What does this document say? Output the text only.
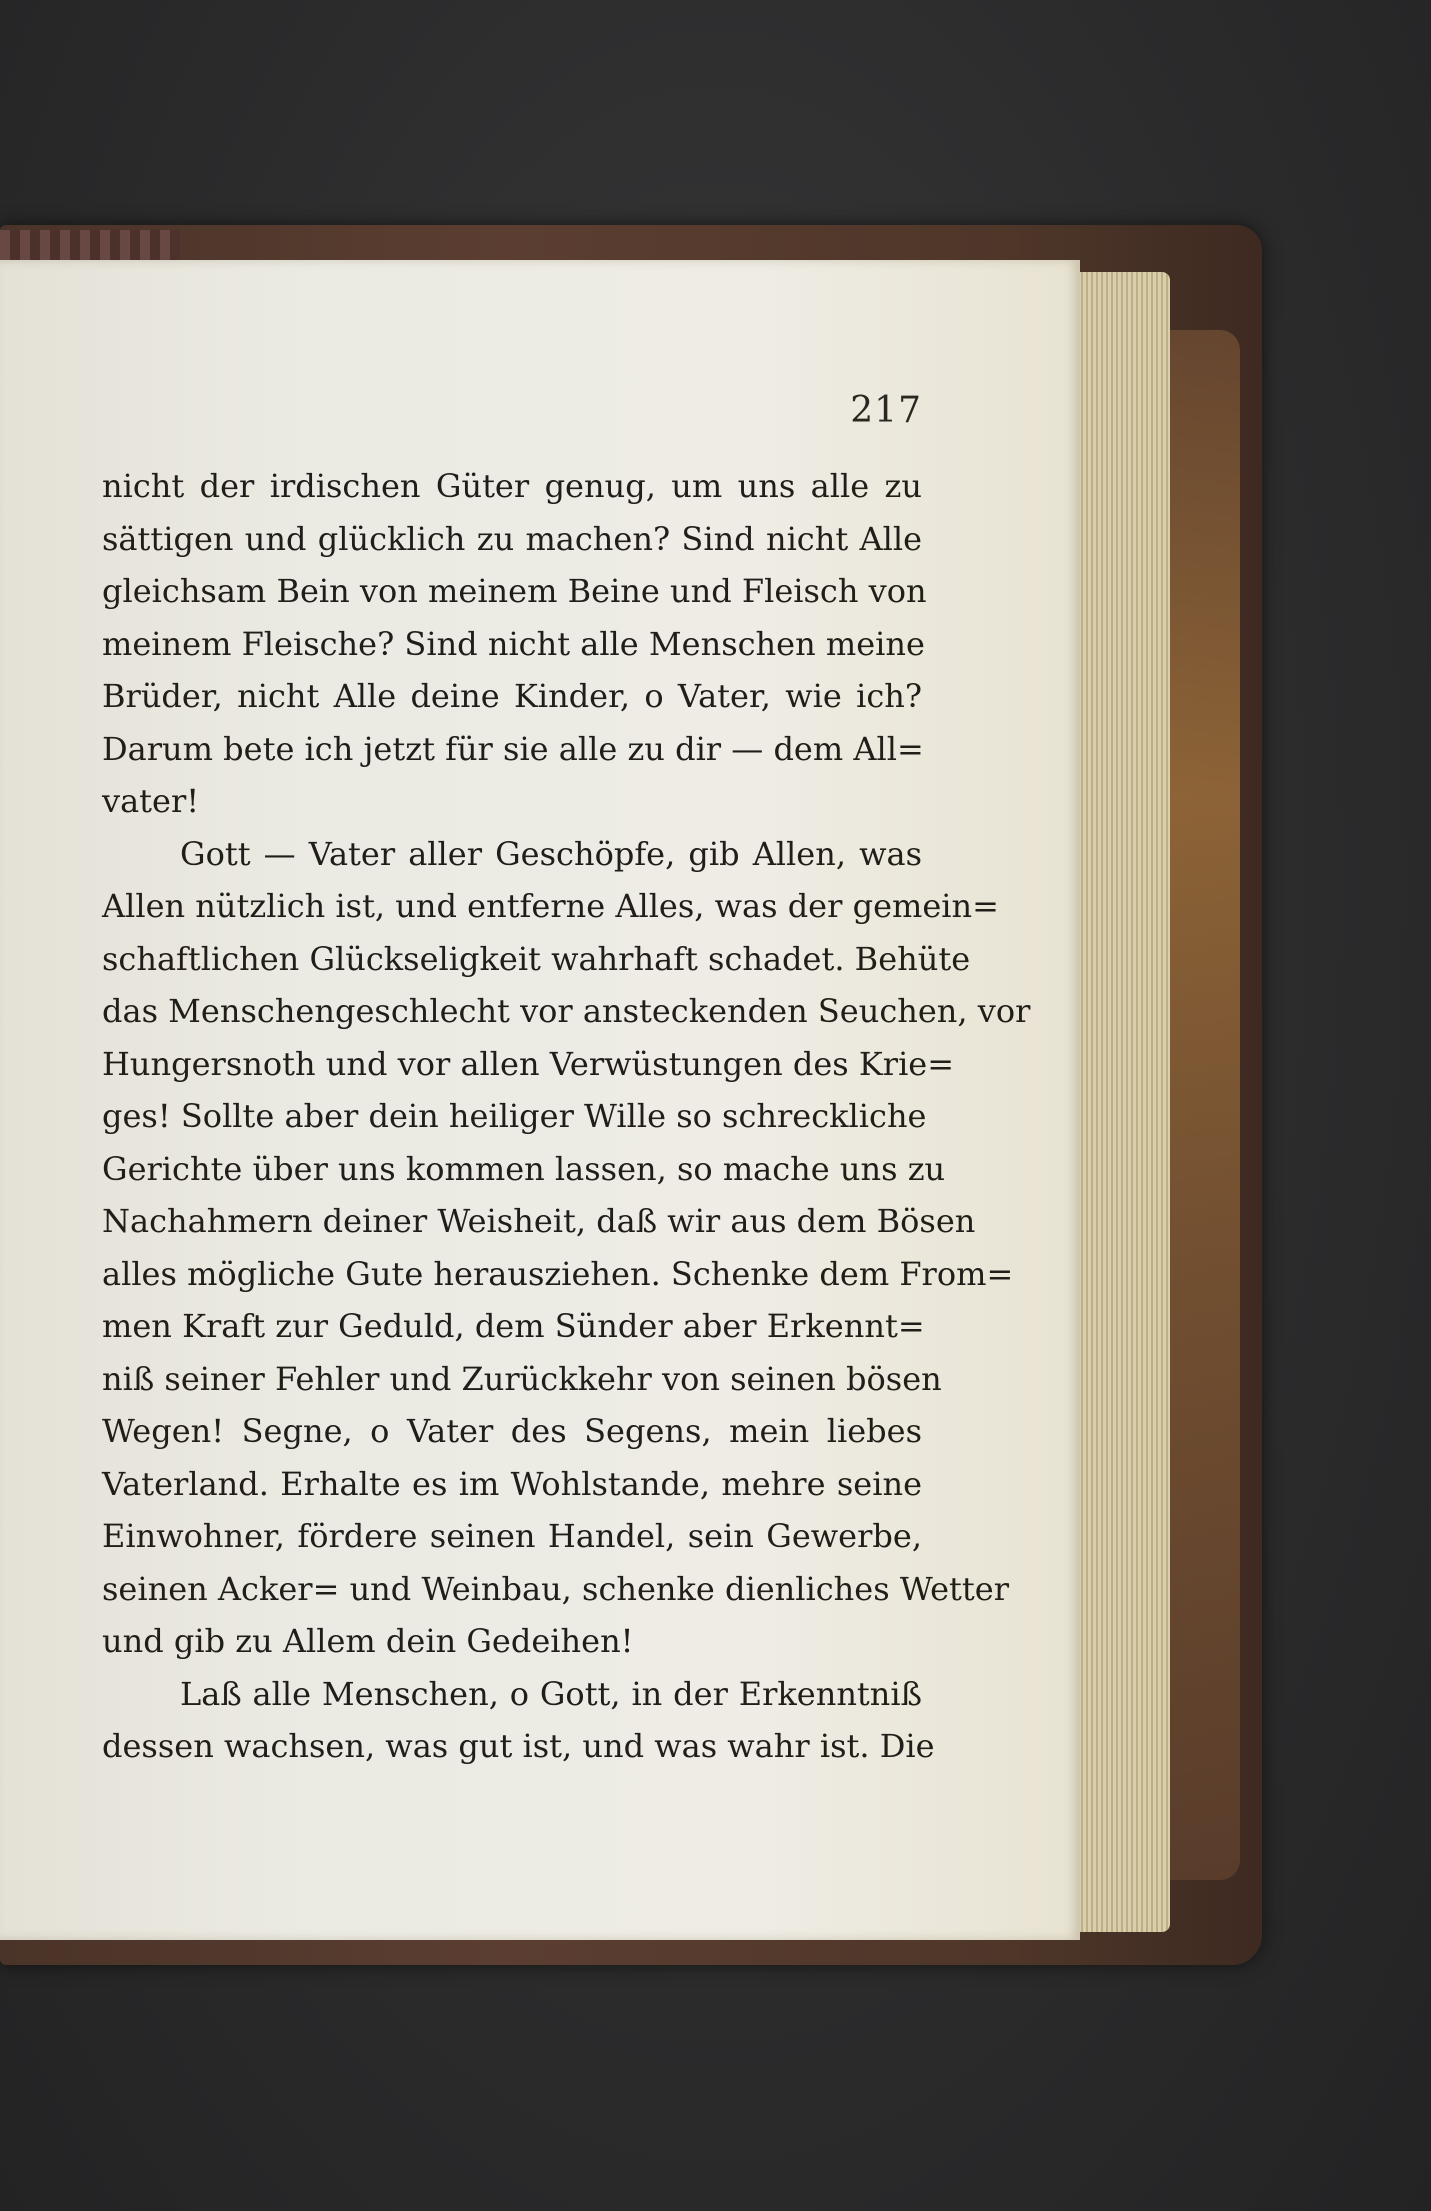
217
nicht der irdischen Güter genug, um uns alle zu
sättigen und glücklich zu machen? Sind nicht Alle
gleichsam Bein von meinem Beine und Fleisch von
meinem Fleische? Sind nicht alle Menschen meine
Brüder, nicht Alle deine Kinder, o Vater, wie ich?
Darum bete ich jetzt für sie alle zu dir — dem All=
vater!
Gott — Vater aller Geschöpfe, gib Allen, was
Allen nützlich ist, und entferne Alles, was der gemein=
schaftlichen Glückseligkeit wahrhaft schadet. Behüte
das Menschengeschlecht vor ansteckenden Seuchen, vor
Hungersnoth und vor allen Verwüstungen des Krie=
ges! Sollte aber dein heiliger Wille so schreckliche
Gerichte über uns kommen lassen, so mache uns zu
Nachahmern deiner Weisheit, daß wir aus dem Bösen
alles mögliche Gute herausziehen. Schenke dem From=
men Kraft zur Geduld, dem Sünder aber Erkennt=
niß seiner Fehler und Zurückkehr von seinen bösen
Wegen! Segne, o Vater des Segens, mein liebes
Vaterland. Erhalte es im Wohlstande, mehre seine
Einwohner, fördere seinen Handel, sein Gewerbe,
seinen Acker= und Weinbau, schenke dienliches Wetter
und gib zu Allem dein Gedeihen!
Laß alle Menschen, o Gott, in der Erkenntniß
dessen wachsen, was gut ist, und was wahr ist. Die
